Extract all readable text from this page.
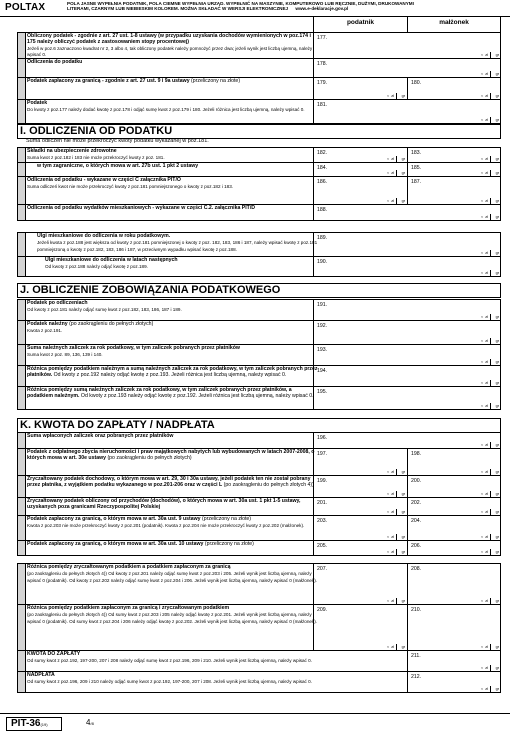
POLTAX	POLA JASNE WYPEŁNIA PODATNIK, POLA CIEMNE WYPEŁNIA URZĄD. WYPEŁNIĆ NA MASZYNIE, KOMPUTEROWO LUB RĘCZNIE, DUŻYMI, DRUKOWANYMI
LITERAMI, CZARNYM LUB NIEBIESKIM KOLOREM. MOŻNA SKŁADAĆ W WERSJI ELEKTRONICZNEJ www.e-deklaracje.gov.pl
podatnik	małżonek
Obliczony podatek - zgodnie z art. 27 ust. 1-8 ustawy (w przypadku uzyskania dochodów wymienionych w poz.174 i 175 należy obliczyć podatek z zastosowaniem stopy procentowej)
Jeżeli w poz.6 zaznaczono kwadrat nr 2, 3 albo 4, tak obliczony podatek należy pomnożyć przez dwa; jeżeli wynik jest liczbą ujemną, należy wpisać 0.
177.
, zł gr
Odliczenia do podatku	178.
, zł gr
Podatek zapłacony za granicą - zgodnie z art. 27 ust. 9 i 9a ustawy (przeliczony na złote)	179.
, zł gr
180.
, zł gr
Podatek
Do kwoty z poz.177 należy dodać kwotę z poz.178 i odjąć sumę kwot z poz.179 i 180. Jeżeli różnica jest liczbą ujemną, należy wpisać 0.
181.
, zł gr
I. ODLICZENIA OD PODATKU
Suma odliczeń nie może przekroczyć kwoty podatku wykazanej w poz.181.
Składki na ubezpieczenie zdrowotne
Suma kwot z poz.182 i 183 nie może przekroczyć kwoty z poz. 181.
182.
, zł gr
183.
, zł gr
w tym zagraniczne, o których mowa w art. 27b ust. 1 pkt 2 ustawy	184.	, zł gr
185.	, zł gr
Odliczenia od podatku - wykazane w części C załącznika PIT/O
Suma odliczeń kwot nie może przekroczyć kwoty z poz.181 pomniejszonego o kwoty z poz.182 i 183.
186.
, zł gr
187.
, zł gr
Odliczenia od podatku wydatków mieszkaniowych - wykazane w części C.2. załącznika PIT/D	188.
, zł gr
Ulgi mieszkaniowe do odliczenia w roku podatkowym.
Jeżeli kwota z poz.188 jest większa od kwoty z poz.181 pomniejszonej o kwoty z poz. 182, 183, 186 i 187, należy wpisać kwotę z poz.181 pomniejszoną o kwoty z poz.182, 183, 186 i 187, w przeciwnym wypadku wpisać kwotę z poz.188.
189.
, zł gr
Ulgi mieszkaniowe do odliczenia w latach następnych
Od kwoty z poz.188 należy odjąć kwotę z poz.189.
190.
, zł gr
J. OBLICZENIE ZOBOWIĄZANIA PODATKOWEGO
Podatek po odliczeniach
Od kwoty z poz.181 należy odjąć sumę kwot z poz.182, 183, 186, 187 i 189.
191.
, zł gr
Podatek należny (po zaokrągleniu do pełnych złotych)
Kwota z poz.191.
192.
, zł gr
Suma należnych zaliczek za rok podatkowy, w tym zaliczek pobranych przez płatników
Suma kwot z poz. 89, 136, 139 i 140.
193.
, zł gr
Różnica pomiędzy podatkiem należnym a sumą należnych zaliczek za rok podatkowy, w tym zaliczek pobranych przez płatników. Od kwoty z poz.192 należy odjąć kwotę z poz.193. Jeżeli różnica jest liczbą ujemną, należy wpisać 0.
194.
, zł gr
Różnica pomiędzy sumą należnych zaliczek za rok podatkowy, w tym zaliczek pobranych przez płatników, a podatkiem należnym. Od kwoty z poz.193 należy odjąć kwotę z poz.192. Jeżeli różnica jest liczbą ujemną, należy wpisać 0.
195.
, zł gr
K. KWOTA DO ZAPŁATY / NADPŁATA
Suma wpłaconych zaliczek oraz pobranych przez płatników	196.
, zł gr
Podatek z odpłatnego zbycia nieruchomości i praw majątkowych nabytych lub wybudowanych w latach 2007-2008, o których mowa w art. 30e ustawy (po zaokrągleniu do pełnych złotych)
197.
, zł gr
198.
, zł gr
Zryczałtowany podatek dochodowy, o którym mowa w art. 29, 30 i 30a ustawy, jeżeli podatek ten nie został pobrany przez płatnika, z wyjątkiem podatku wykazanego w poz.201-206 oraz w części L (po zaokrągleniu do pełnych złotych 4))
199.
, zł gr
200.
, zł gr
Zryczałtowany podatek obliczony od przychodów (dochodów), o których mowa w art. 30a ust. 1 pkt 1-5 ustawy, uzyskanych poza granicami Rzeczypospolitej Polskiej
201.
, zł gr
202.
, zł gr
Podatek zapłacony za granicą, o którym mowa w art. 30a ust. 9 ustawy (przeliczony na złote)
Kwota z poz.203 nie może przekroczyć kwoty z poz.201 (podatnik). Kwota z poz.204 nie może przekroczyć kwoty z poz.202 (małżonek).
203.
, zł gr
204.
, zł gr
Podatek zapłacony za granicą, o którym mowa w art. 30a ust. 10 ustawy (przeliczony na złote)	205.
, zł gr
206.
, zł gr
Różnica pomiędzy zryczałtowanym podatkiem a podatkiem zapłaconym za granicą
(po zaokrągleniu do pełnych złotych 4)) Od kwoty z poz.201 należy odjąć sumę kwot z poz.203 i 205. Jeżeli wynik jest liczbą ujemną, należy wpisać 0 (podatnik). Od kwoty z poz.202 należy odjąć sumę kwot z poz.204 i 206. Jeżeli wynik jest liczbą ujemną, należy wpisać 0 (małżonek).
207.
, zł gr
208.
, zł gr
Różnica pomiędzy podatkiem zapłaconym za granicą i zryczałtowanym podatkiem
(po zaokrągleniu do pełnych złotych 4)) Od sumy kwot z poz.203 i 205 należy odjąć kwotę z poz.201. Jeżeli wynik jest liczbą ujemną, należy wpisać 0 (podatnik). Od sumy kwot z poz.204 i 206 należy odjąć kwotę z poz.202. Jeżeli wynik jest liczbą ujemną, należy wpisać 0 (małżonek).
209.
, zł gr
210.
, zł gr
KWOTA DO ZAPŁATY
Od sumy kwot z poz.192, 197-200, 207 i 208 należy odjąć sumę kwot z poz.196, 209 i 210. Jeżeli wynik jest liczbą ujemną, należy wpisać 0.
211.
, zł gr
NADPŁATA
Od sumy kwot z poz.196, 209 i 210 należy odjąć sumę kwot z poz.192, 197-200, 207 i 208. Jeżeli wynik jest liczbą ujemną, należy wpisać 0.
212.
, zł gr
PIT-36(19)	4/8
